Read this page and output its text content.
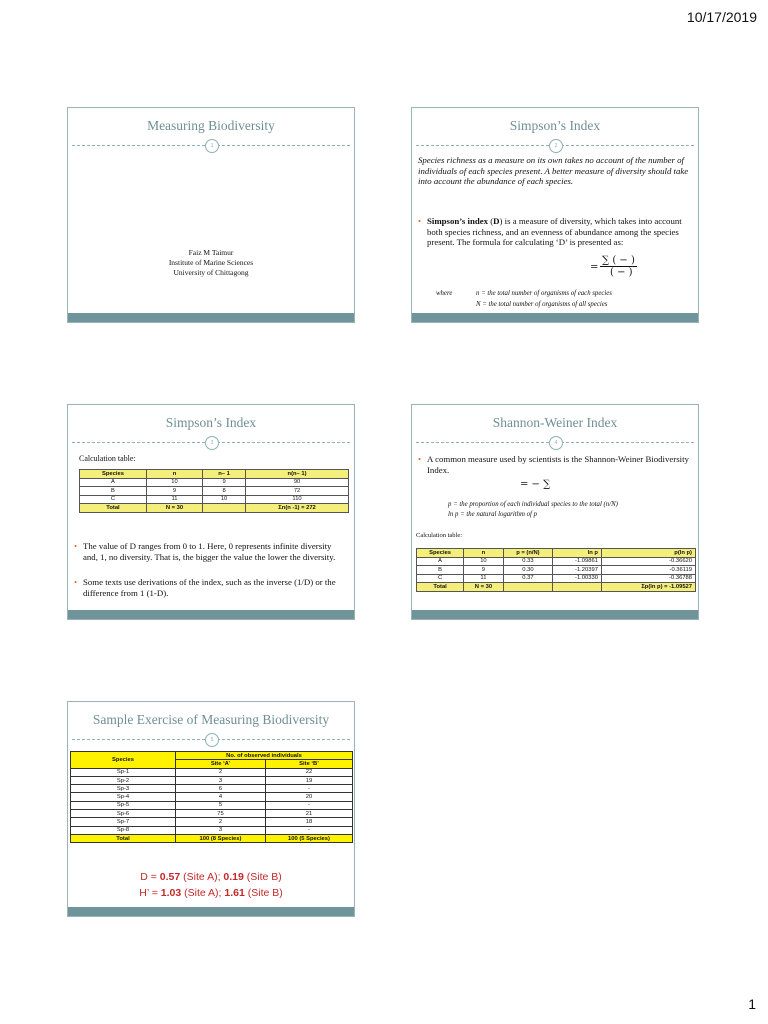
10/17/2019
Measuring Biodiversity
1
Faiz M Taimur
Institute of Marine Sciences
University of Chittagong
Simpson’s Index
2
Species richness as a measure on its own takes no account of the number of individuals of each species present. A better measure of diversity should take into account the abundance of each species.
• Simpson’s index (D) is a measure of diversity, which takes into account both species richness, and an evenness of abundance among the species present. The formula for calculating ‘D’ is presented as:
=
∑ ( − )
( − )
where	n = the total number of organisms of each species
N = the total number of organisms of all species
Simpson’s Index
3
Calculation table:
Species	n	n– 1	n(n– 1)
A	10	9	90
B	9	8	72
C	11	10	110
Total	N = 30		Σn(n -1) = 272
• The value of D ranges from 0 to 1. Here, 0 represents infinite diversity and, 1, no diversity. That is, the bigger the value the lower the diversity.
• Some texts use derivations of the index, such as the inverse (1/D) or the difference from 1 (1-D).
Shannon-Weiner Index
4
• A common measure used by scientists is the Shannon-Weiner Biodiversity Index.
= − ∑
p = the proportion of each individual species to the total (n/N)
ln p = the natural logarithm of p
Calculation table:
Species	n	p = (n/N)	ln p	p(ln p)
A	10	0.33	-1.09861	-0.36620
B	9	0.30	-1.20397	-0.36119
C	11	0.37	-1.00330	-0.36788
Total	N = 30			Σp(ln p) = -1.09527
Sample Exercise of Measuring Biodiversity
5
Species	No. of observed individuals	
	Site ‘A’	Site ‘B’
Sp-1	2	22
Sp-2	3	19
Sp-3	6	-
Sp-4	4	20
Sp-5	5	-
Sp-6	75	21
Sp-7	2	18
Sp-8	3	-
Total	100 (8 Species)	100 (5 Species)
D = 0.57 (Site A); 0.19 (Site B)
H’ = 1.03 (Site A); 1.61 (Site B)
1
